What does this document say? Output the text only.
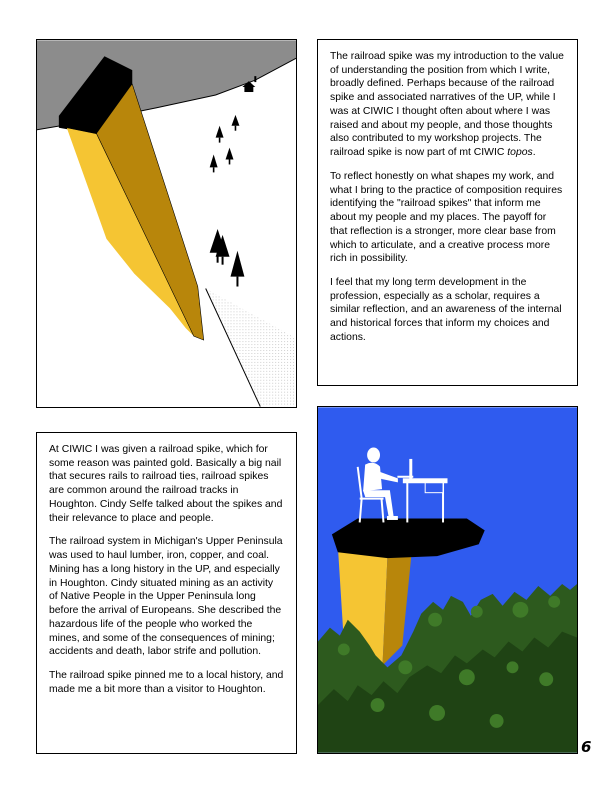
The railroad spike was my introduction to the value of understanding the position from which I write, broadly defined. Perhaps because of the railroad spike and associated narratives of the UP, while I was at CIWIC I thought often about where I was raised and about my people, and those thoughts also contributed to my workshop projects. The railroad spike is now part of mt CIWIC topos.

To reflect honestly on what shapes my work, and what I bring to the practice of composition requires identifying the "railroad spikes" that inform me about my people and my places. The payoff for that reflection is a stronger, more clear base from which to articulate, and a creative process more rich in possibility.

I feel that my long term development in the profession, especially as a scholar, requires a similar reflection, and an awareness of the internal and historical forces that inform my choices and actions.

At CIWIC I was given a railroad spike, which for some reason was painted gold. Basically a big nail that secures rails to railroad ties, railroad spikes are common around the railroad tracks in Houghton. Cindy Selfe talked about the spikes and their relevance to place and people.

The railroad system in Michigan's Upper Peninsula was used to haul lumber, iron, copper, and coal. Mining has a long history in the UP, and especially in Houghton. Cindy situated mining as an activity of Native People in the Upper Peninsula long before the arrival of Europeans. She described the hazardous life of the people who worked the mines, and some of the consequences of mining; accidents and death, labor strife and pollution.

The railroad spike pinned me to a local history, and made me a bit more than a visitor to Houghton.

6
